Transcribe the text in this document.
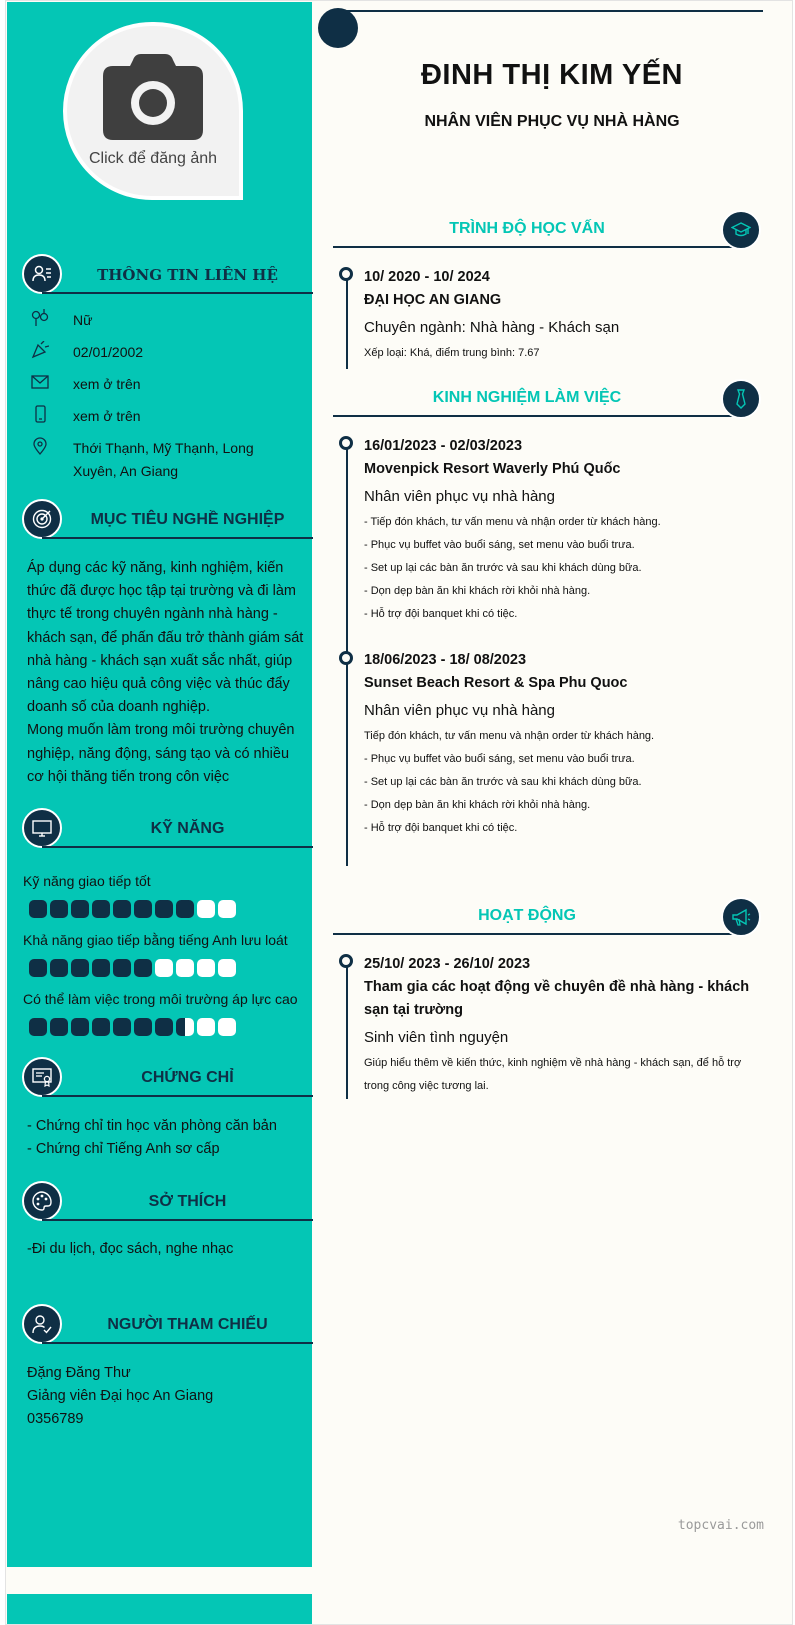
Click để đăng ảnh
THÔNG TIN LIÊN HỆ
Nữ
02/01/2002
xem ở trên
xem ở trên
Thới Thạnh, Mỹ Thạnh, Long Xuyên, An Giang
MỤC TIÊU NGHỀ NGHIỆP
Áp dụng các kỹ năng, kinh nghiệm, kiến thức đã được học tập tại trường và đi làm thực tế trong chuyên ngành nhà hàng - khách sạn, để phấn đấu trở thành giám sát nhà hàng - khách sạn xuất sắc nhất, giúp nâng cao hiệu quả công việc và thúc đẩy doanh số của doanh nghiệp.
Mong muốn làm trong môi trường chuyên nghiệp, năng động, sáng tạo và có nhiều cơ hội thăng tiến trong côn việc
KỸ NĂNG
Kỹ năng giao tiếp tốt
Khả năng giao tiếp bằng tiếng Anh lưu loát
Có thể làm việc trong môi trường áp lực cao
CHỨNG CHỈ
- Chứng chỉ tin học văn phòng căn bản
- Chứng chỉ Tiếng Anh sơ cấp
SỞ THÍCH
-Đi du lịch, đọc sách, nghe nhạc
NGƯỜI THAM CHIẾU
Đặng Đăng Thư
Giảng viên Đại học An Giang
0356789
ĐINH THỊ KIM YẾN
NHÂN VIÊN PHỤC VỤ NHÀ HÀNG
TRÌNH ĐỘ HỌC VẤN
10/ 2020 - 10/ 2024
ĐẠI HỌC AN GIANG
Chuyên ngành: Nhà hàng - Khách sạn
Xếp loại: Khá, điểm trung bình: 7.67
KINH NGHIỆM LÀM VIỆC
16/01/2023 - 02/03/2023
Movenpick Resort Waverly Phú Quốc
Nhân viên phục vụ nhà hàng
- Tiếp đón khách, tư vấn menu và nhận order từ khách hàng.
- Phục vụ buffet vào buổi sáng, set menu vào buổi trưa.
- Set up lại các bàn ăn trước và sau khi khách dùng bữa.
- Dọn dẹp bàn ăn khi khách rời khỏi nhà hàng.
- Hỗ trợ đội banquet khi có tiệc.
18/06/2023 - 18/ 08/2023
Sunset Beach Resort & Spa Phu Quoc
Nhân viên phục vụ nhà hàng
Tiếp đón khách, tư vấn menu và nhận order từ khách hàng.
- Phục vụ buffet vào buổi sáng, set menu vào buổi trưa.
- Set up lại các bàn ăn trước và sau khi khách dùng bữa.
- Dọn dẹp bàn ăn khi khách rời khỏi nhà hàng.
- Hỗ trợ đội banquet khi có tiệc.
HOẠT ĐỘNG
25/10/ 2023 - 26/10/ 2023
Tham gia các hoạt động về chuyên đề nhà hàng - khách sạn tại trường
Sinh viên tình nguyện
Giúp hiểu thêm về kiến thức, kinh nghiệm về nhà hàng - khách sạn, để hỗ trợ trong công việc tương lai.
topcvai.com
